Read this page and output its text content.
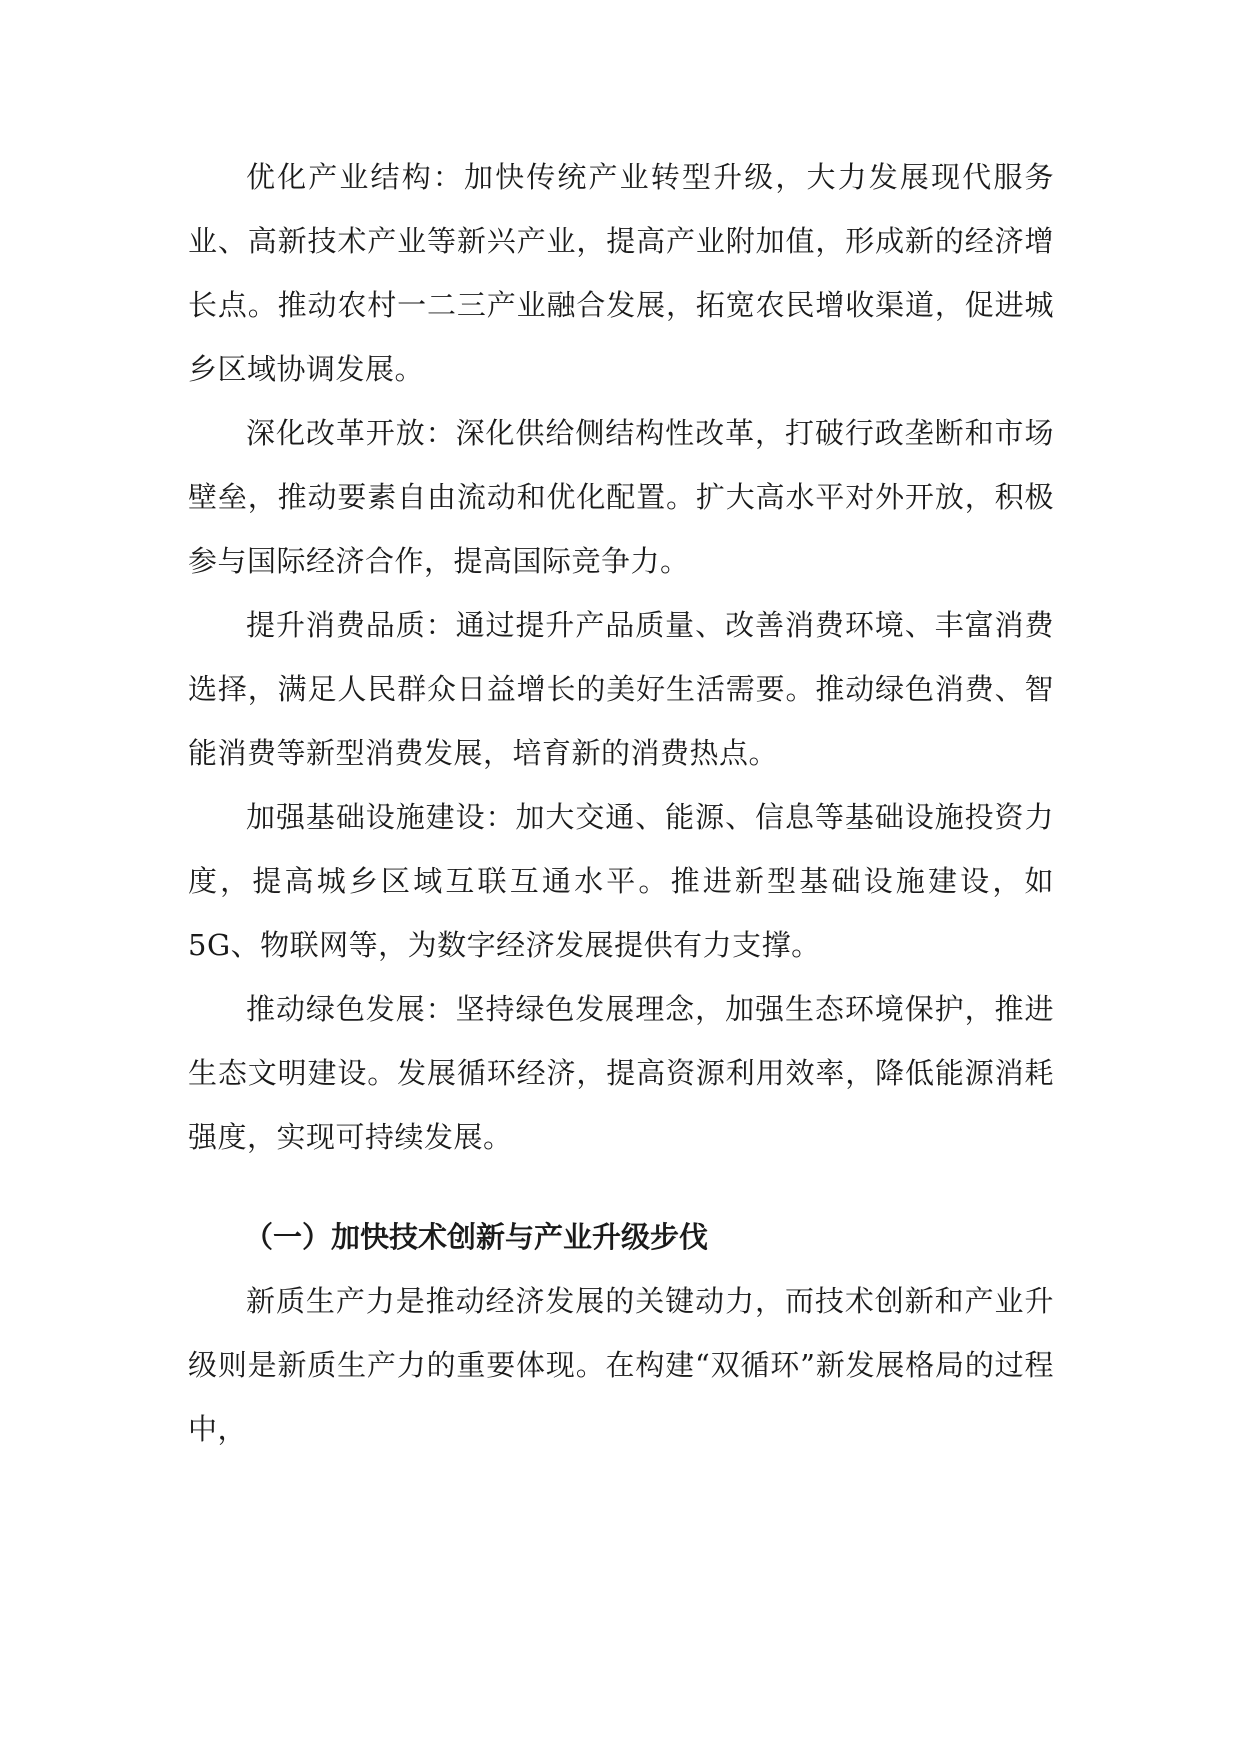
优化产业结构：加快传统产业转型升级，大力发展现代服务业、高新技术产业等新兴产业，提高产业附加值，形成新的经济增长点。推动农村一二三产业融合发展，拓宽农民增收渠道，促进城乡区域协调发展。

深化改革开放：深化供给侧结构性改革，打破行政垄断和市场壁垒，推动要素自由流动和优化配置。扩大高水平对外开放，积极参与国际经济合作，提高国际竞争力。

提升消费品质：通过提升产品质量、改善消费环境、丰富消费选择，满足人民群众日益增长的美好生活需要。推动绿色消费、智能消费等新型消费发展，培育新的消费热点。

加强基础设施建设：加大交通、能源、信息等基础设施投资力度，提高城乡区域互联互通水平。推进新型基础设施建设，如5G、物联网等，为数字经济发展提供有力支撑。

推动绿色发展：坚持绿色发展理念，加强生态环境保护，推进生态文明建设。发展循环经济，提高资源利用效率，降低能源消耗强度，实现可持续发展。

（一）加快技术创新与产业升级步伐

新质生产力是推动经济发展的关键动力，而技术创新和产业升级则是新质生产力的重要体现。在构建“双循环”新发展格局的过程中，
